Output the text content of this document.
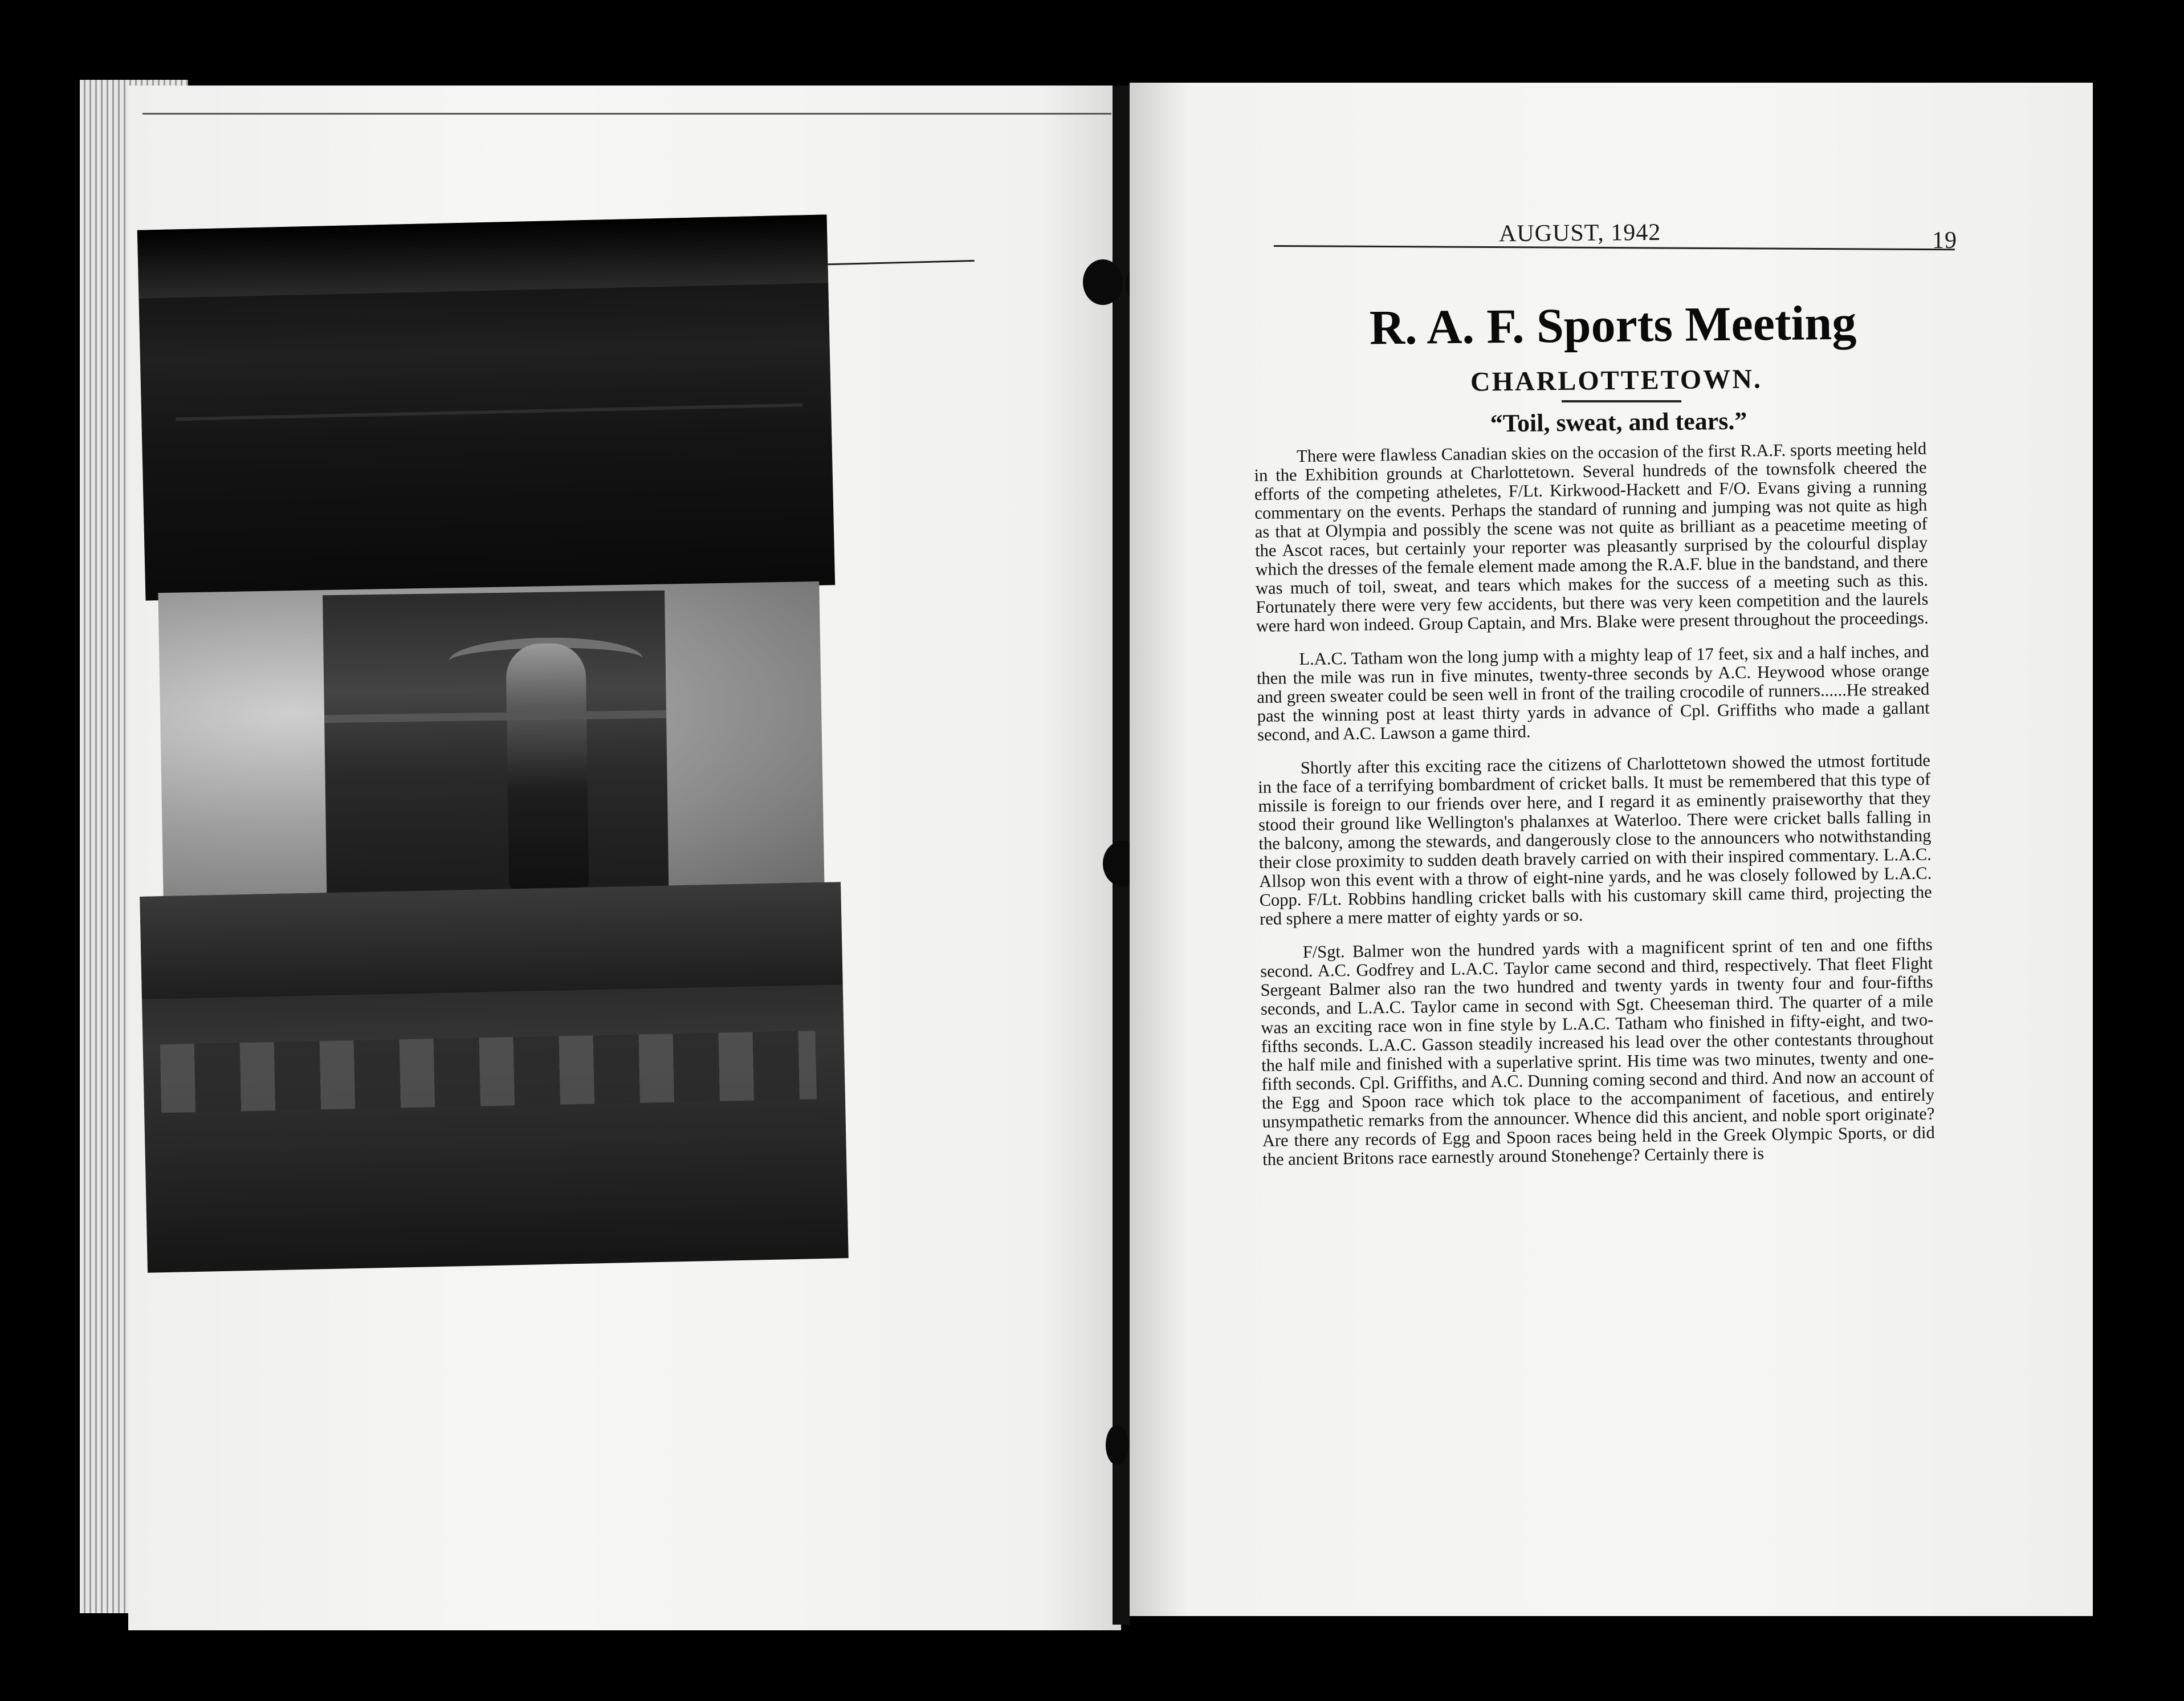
AUGUST, 1942	19
R. A. F. Sports Meeting
CHARLOTTETOWN.
“Toil, sweat, and tears.”

There were flawless Canadian skies on the occasion of the first R.A.F. sports meeting held in the Exhibition grounds at Charlottetown. Several hundreds of the townsfolk cheered the efforts of the competing atheletes, F/Lt. Kirkwood-Hackett and F/O. Evans giving a running commentary on the events. Perhaps the standard of running and jumping was not quite as high as that at Olympia and possibly the scene was not quite as brilliant as a peacetime meeting of the Ascot races, but certainly your reporter was pleasantly surprised by the colourful display which the dresses of the female element made among the R.A.F. blue in the bandstand, and there was much of toil, sweat, and tears which makes for the success of a meeting such as this. Fortunately there were very few accidents, but there was very keen competition and the laurels were hard won indeed. Group Captain, and Mrs. Blake were present throughout the proceedings.

L.A.C. Tatham won the long jump with a mighty leap of 17 feet, six and a half inches, and then the mile was run in five minutes, twenty-three seconds by A.C. Heywood whose orange and green sweater could be seen well in front of the trailing crocodile of runners......He streaked past the winning post at least thirty yards in advance of Cpl. Griffiths who made a gallant second, and A.C. Lawson a game third.

Shortly after this exciting race the citizens of Charlottetown showed the utmost fortitude in the face of a terrifying bombardment of cricket balls. It must be remembered that this type of missile is foreign to our friends over here, and I regard it as eminently praiseworthy that they stood their ground like Wellington's phalanxes at Waterloo. There were cricket balls falling in the balcony, among the stewards, and dangerously close to the announcers who notwithstanding their close proximity to sudden death bravely carried on with their inspired commentary. L.A.C. Allsop won this event with a throw of eight-nine yards, and he was closely followed by L.A.C. Copp. F/Lt. Robbins handling cricket balls with his customary skill came third, projecting the red sphere a mere matter of eighty yards or so.

F/Sgt. Balmer won the hundred yards with a magnificent sprint of ten and one fifths second. A.C. Godfrey and L.A.C. Taylor came second and third, respectively. That fleet Flight Sergeant Balmer also ran the two hundred and twenty yards in twenty four and four-fifths seconds, and L.A.C. Taylor came in second with Sgt. Cheeseman third. The quarter of a mile was an exciting race won in fine style by L.A.C. Tatham who finished in fifty-eight, and two-fifths seconds. L.A.C. Gasson steadily increased his lead over the other contestants throughout the half mile and finished with a superlative sprint. His time was two minutes, twenty and one-fifth seconds. Cpl. Griffiths, and A.C. Dunning coming second and third. And now an account of the Egg and Spoon race which tok place to the accompaniment of facetious, and entirely unsympathetic remarks from the announcer. Whence did this ancient, and noble sport originate? Are there any records of Egg and Spoon races being held in the Greek Olympic Sports, or did the ancient Britons race earnestly around Stonehenge? Certainly there is
